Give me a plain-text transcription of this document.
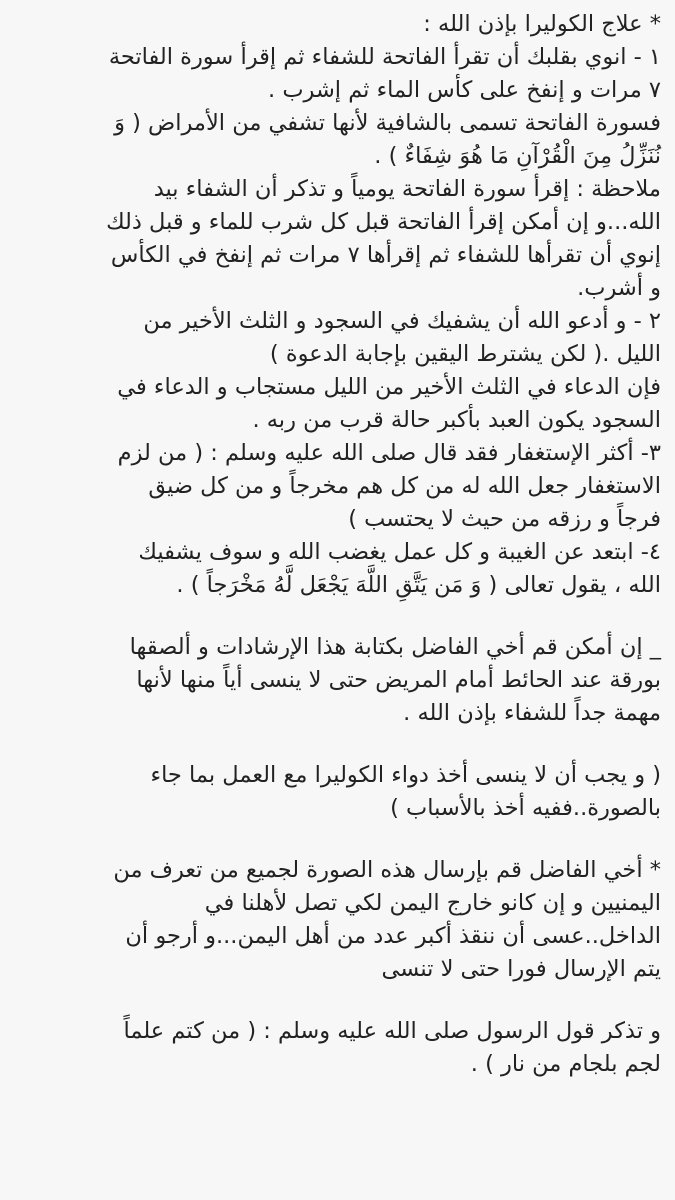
* علاج الكوليرا بإذن الله :
١ - انوي بقلبك أن تقرأ الفاتحة للشفاء ثم إقرأ سورة الفاتحة
٧ مرات و إنفخ على كأس الماء ثم إشرب .

فسورة الفاتحة تسمى بالشافية لأنها تشفي من الأمراض ( وَ
نُنَزِّلُ مِنَ الْقُرْآنِ مَا هُوَ شِفَاءٌ ) .

ملاحظة : إقرأ سورة الفاتحة يومياً و تذكر أن الشفاء بيد
الله...و إن أمكن إقرأ الفاتحة قبل كل شرب للماء و قبل ذلك
إنوي أن تقرأها للشفاء ثم إقرأها ٧ مرات ثم إنفخ في الكأس
و أشرب.

٢ - و أدعو الله أن يشفيك في السجود و الثلث الأخير من
الليل .( لكن يشترط اليقين بإجابة الدعوة )

فإن الدعاء في الثلث الأخير من الليل مستجاب و الدعاء في
السجود يكون العبد بأكبر حالة قرب من ربه .

٣- أكثر الإستغفار فقد قال صلى الله عليه وسلم : ( من لزم
الاستغفار جعل الله له من كل هم مخرجاً و من كل ضيق
فرجاً و رزقه من حيث لا يحتسب )

٤- ابتعد عن الغيبة و كل عمل يغضب الله و سوف يشفيك
الله ، يقول تعالى ( وَ مَن يَتَّقِ اللَّهَ يَجْعَل لَّهُ مَخْرَجاً ) .

_ إن أمكن قم أخي الفاضل بكتابة هذا الإرشادات و ألصقها
بورقة عند الحائط أمام المريض حتى لا ينسى أياً منها لأنها
مهمة جداً للشفاء بإذن الله .

( و يجب أن لا ينسى أخذ دواء الكوليرا مع العمل بما جاء
بالصورة..ففيه أخذ بالأسباب )

* أخي الفاضل قم بإرسال هذه الصورة لجميع من تعرف من
اليمنيين و إن كانو خارج اليمن لكي تصل لأهلنا في
الداخل..عسى أن ننقذ أكبر عدد من أهل اليمن...و أرجو أن
يتم الإرسال فورا حتى لا تنسى

و تذكر قول الرسول صلى الله عليه وسلم : ( من كتم علماً
لجم بلجام من نار ) .
